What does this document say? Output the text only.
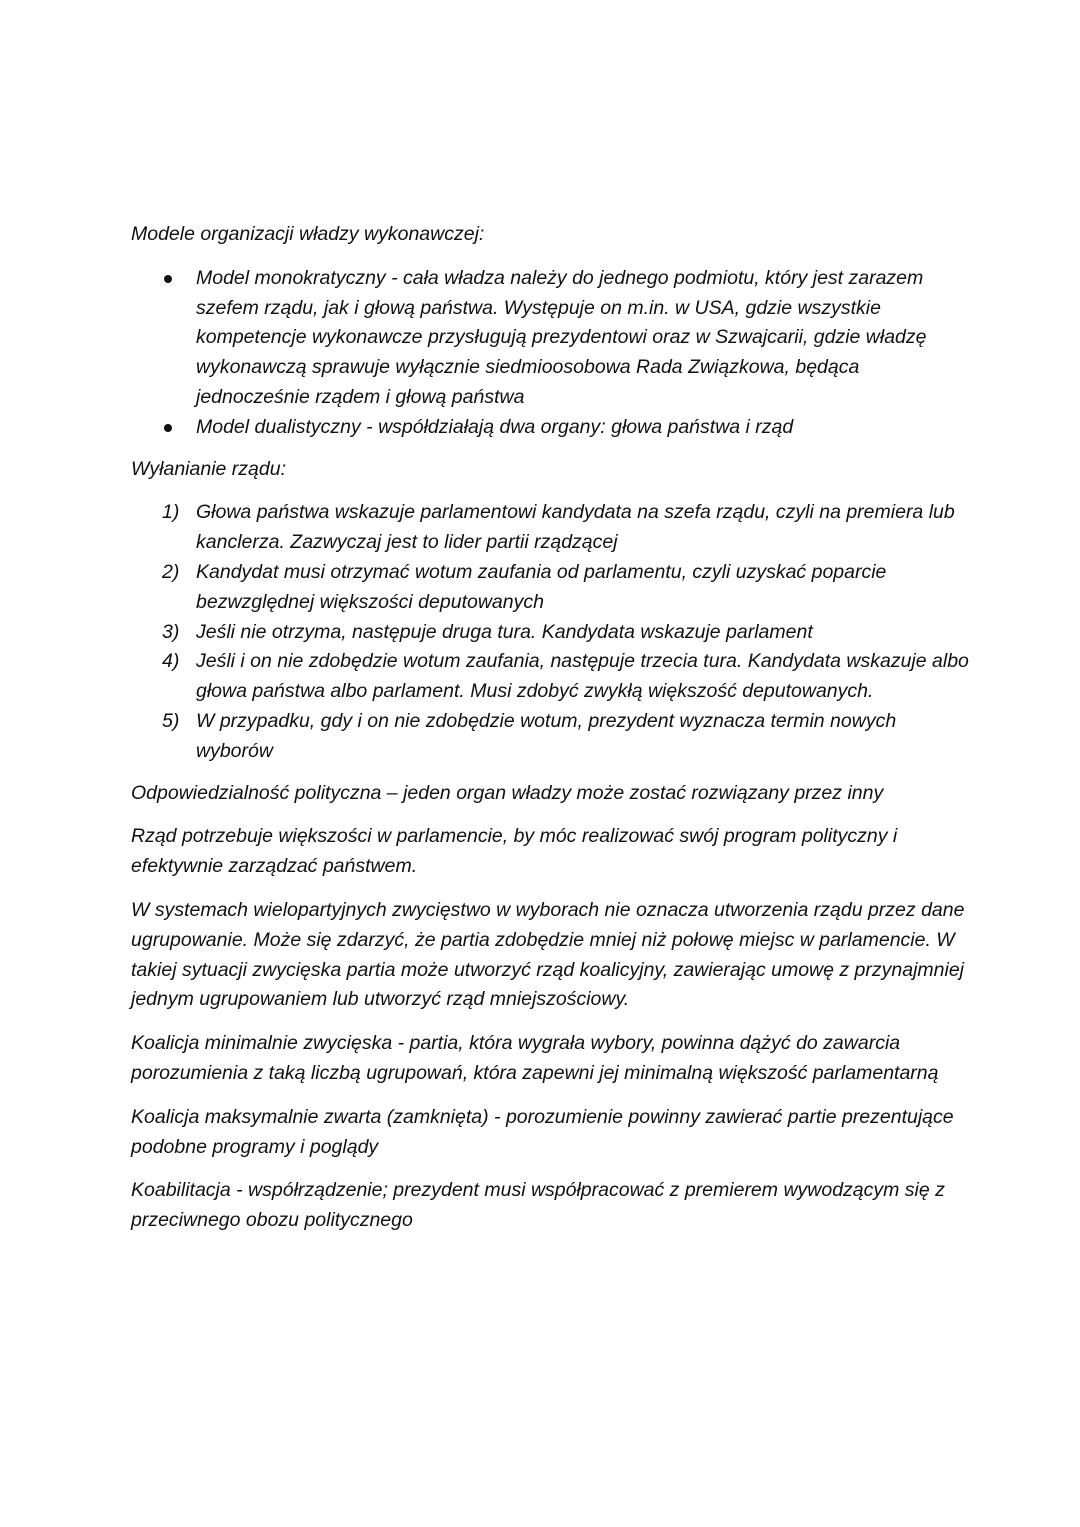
Modele organizacji władzy wykonawczej:

Model monokratyczny - cała władza należy do jednego podmiotu, który jest zarazem szefem rządu, jak i głową państwa. Występuje on m.in. w USA, gdzie wszystkie kompetencje wykonawcze przysługują prezydentowi oraz w Szwajcarii, gdzie władzę wykonawczą sprawuje wyłącznie siedmioosobowa Rada Związkowa, będąca jednocześnie rządem i głową państwa
Model dualistyczny - współdziałają dwa organy: głowa państwa i rząd

Wyłanianie rządu:

1) Głowa państwa wskazuje parlamentowi kandydata na szefa rządu, czyli na premiera lub kanclerza. Zazwyczaj jest to lider partii rządzącej
2) Kandydat musi otrzymać wotum zaufania od parlamentu, czyli uzyskać poparcie bezwzględnej większości deputowanych
3) Jeśli nie otrzyma, następuje druga tura. Kandydata wskazuje parlament
4) Jeśli i on nie zdobędzie wotum zaufania, następuje trzecia tura. Kandydata wskazuje albo głowa państwa albo parlament. Musi zdobyć zwykłą większość deputowanych.
5) W przypadku, gdy i on nie zdobędzie wotum, prezydent wyznacza termin nowych wyborów

Odpowiedzialność polityczna – jeden organ władzy może zostać rozwiązany przez inny

Rząd potrzebuje większości w parlamencie, by móc realizować swój program polityczny i efektywnie zarządzać państwem.

W systemach wielopartyjnych zwycięstwo w wyborach nie oznacza utworzenia rządu przez dane ugrupowanie. Może się zdarzyć, że partia zdobędzie mniej niż połowę miejsc w parlamencie. W takiej sytuacji zwycięska partia może utworzyć rząd koalicyjny, zawierając umowę z przynajmniej jednym ugrupowaniem lub utworzyć rząd mniejszościowy.

Koalicja minimalnie zwycięska - partia, która wygrała wybory, powinna dążyć do zawarcia porozumienia z taką liczbą ugrupowań, która zapewni jej minimalną większość parlamentarną

Koalicja maksymalnie zwarta (zamknięta) - porozumienie powinny zawierać partie prezentujące podobne programy i poglądy

Koabilitacja - współrządzenie; prezydent musi współpracować z premierem wywodzącym się z przeciwnego obozu politycznego
